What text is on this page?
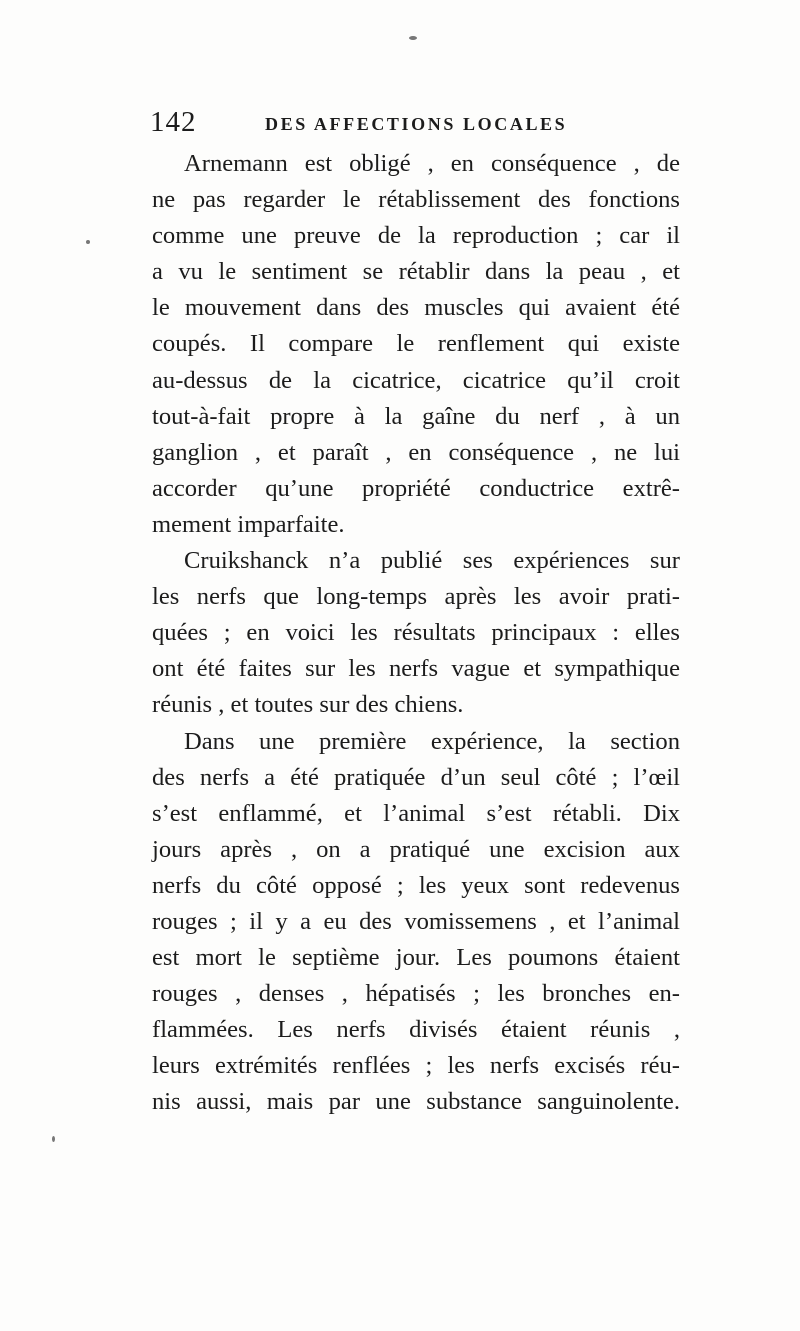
142	DES AFFECTIONS LOCALES
Arnemann est obligé , en conséquence , de
ne pas regarder le rétablissement des fonctions
comme une preuve de la reproduction ; car il
a vu le sentiment se rétablir dans la peau , et
le mouvement dans des muscles qui avaient été
coupés. Il compare le renflement qui existe
au-dessus de la cicatrice, cicatrice qu’il croit
tout-à-fait propre à la gaîne du nerf , à un
ganglion , et paraît , en conséquence , ne lui
accorder qu’une propriété conductrice extrê-
mement imparfaite.
Cruikshanck n’a publié ses expériences sur
les nerfs que long-temps après les avoir prati-
quées ; en voici les résultats principaux : elles
ont été faites sur les nerfs vague et sympathique
réunis , et toutes sur des chiens.
Dans une première expérience, la section
des nerfs a été pratiquée d’un seul côté ; l’œil
s’est enflammé, et l’animal s’est rétabli. Dix
jours après , on a pratiqué une excision aux
nerfs du côté opposé ; les yeux sont redevenus
rouges ; il y a eu des vomissemens , et l’animal
est mort le septième jour. Les poumons étaient
rouges , denses , hépatisés ; les bronches en-
flammées. Les nerfs divisés étaient réunis ,
leurs extrémités renflées ; les nerfs excisés réu-
nis aussi, mais par une substance sanguinolente.
